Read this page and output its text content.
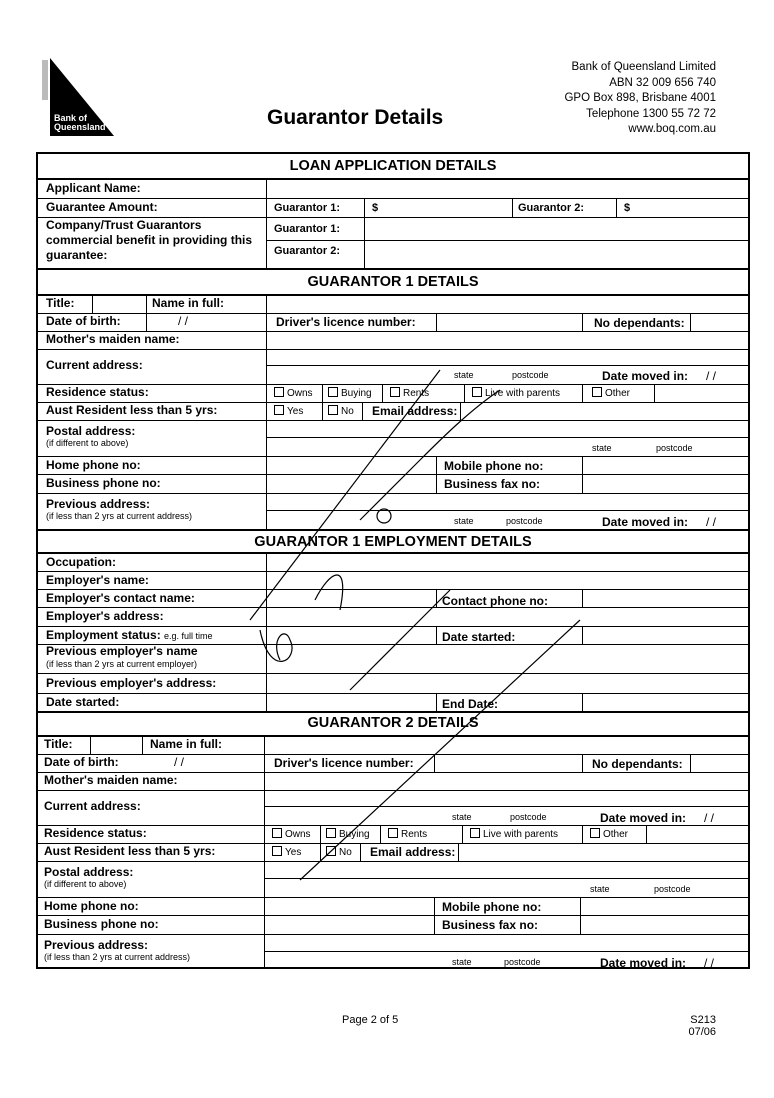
Bank of
Queensland	Guarantor Details
Bank of Queensland Limited
ABN 32 009 656 740
GPO Box 898, Brisbane 4001
Telephone 1300 55 72 72
www.boq.com.au
LOAN APPLICATION DETAILS
Applicant Name:
Guarantee Amount:	Guarantor 1:	$	Guarantor 2:	$
Company/Trust Guarantors commercial benefit in providing this guarantee:
Guarantor 1:
Guarantor 2:
GUARANTOR 1 DETAILS
Title:	Name in full:
Date of birth:	/ /	Driver's licence number:	No dependants:
Mother's maiden name:
Current address:
state	postcode	Date moved in: / /
Residence status:	Owns	Buying	Rents	Live with parents	Other
Aust Resident less than 5 yrs:	Yes	No Email address:
Postal address:
(if different to above)	state	postcode
Home phone no:	Mobile phone no:
Business phone no:	Business fax no:
Previous address:
(if less than 2 yrs at current address)	state	postcode	Date moved in: / /
GUARANTOR 1 EMPLOYMENT DETAILS
Occupation:
Employer's name:
Employer's contact name:	Contact phone no:
Employer's address:
Employment status: e.g. full time	Date started:
Previous employer's name
(if less than 2 yrs at current employer)
Previous employer's address:
Date started:	End Date:
GUARANTOR 2 DETAILS
Title:	Name in full:
Date of birth:	/ /	Driver's licence number:	No dependants:
Mother's maiden name:
Current address:
state	postcode	Date moved in: / /
Residence status:	Owns	Buying	Rents	Live with parents	Other
Aust Resident less than 5 yrs:	Yes	No Email address:
Postal address:
(if different to above)	state	postcode
Home phone no:	Mobile phone no:
Business phone no:	Business fax no:
Previous address:
(if less than 2 yrs at current address)	state	postcode	Date moved in: / /
Page 2 of 5	S213
07/06
